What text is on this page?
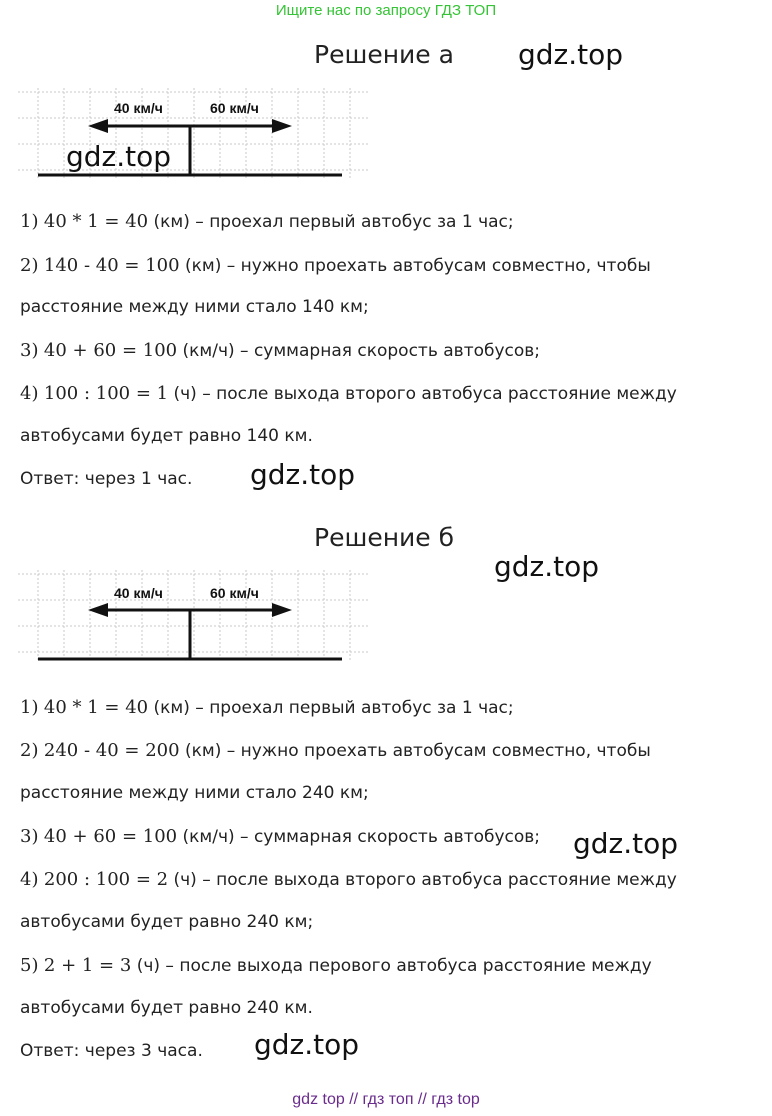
Ищите нас по запросу ГДЗ ТОП
Решение а gdz.top
40 км/ч	60 км/ч
gdz.top
1) 40 * 1 = 40 (км) – проехал первый автобус за 1 час;
2) 140 - 40 = 100 (км) – нужно проехать автобусам совместно, чтобы
расстояние между ними стало 140 км;
3) 40 + 60 = 100 (км/ч) – суммарная скорость автобусов;
4) 100 : 100 = 1 (ч) – после выхода второго автобуса расстояние между
автобусами будет равно 140 км.
Ответ: через 1 час. gdz.top
Решение б
gdz.top
40 км/ч	60 км/ч
1) 40 * 1 = 40 (км) – проехал первый автобус за 1 час;
2) 240 - 40 = 200 (км) – нужно проехать автобусам совместно, чтобы
расстояние между ними стало 240 км;
3) 40 + 60 = 100 (км/ч) – суммарная скорость автобусов; gdz.top
4) 200 : 100 = 2 (ч) – после выхода второго автобуса расстояние между
автобусами будет равно 240 км;
5) 2 + 1 = 3 (ч) – после выхода перового автобуса расстояние между
автобусами будет равно 240 км.
Ответ: через 3 часа. gdz.top
gdz top // гдз топ // гдз top
